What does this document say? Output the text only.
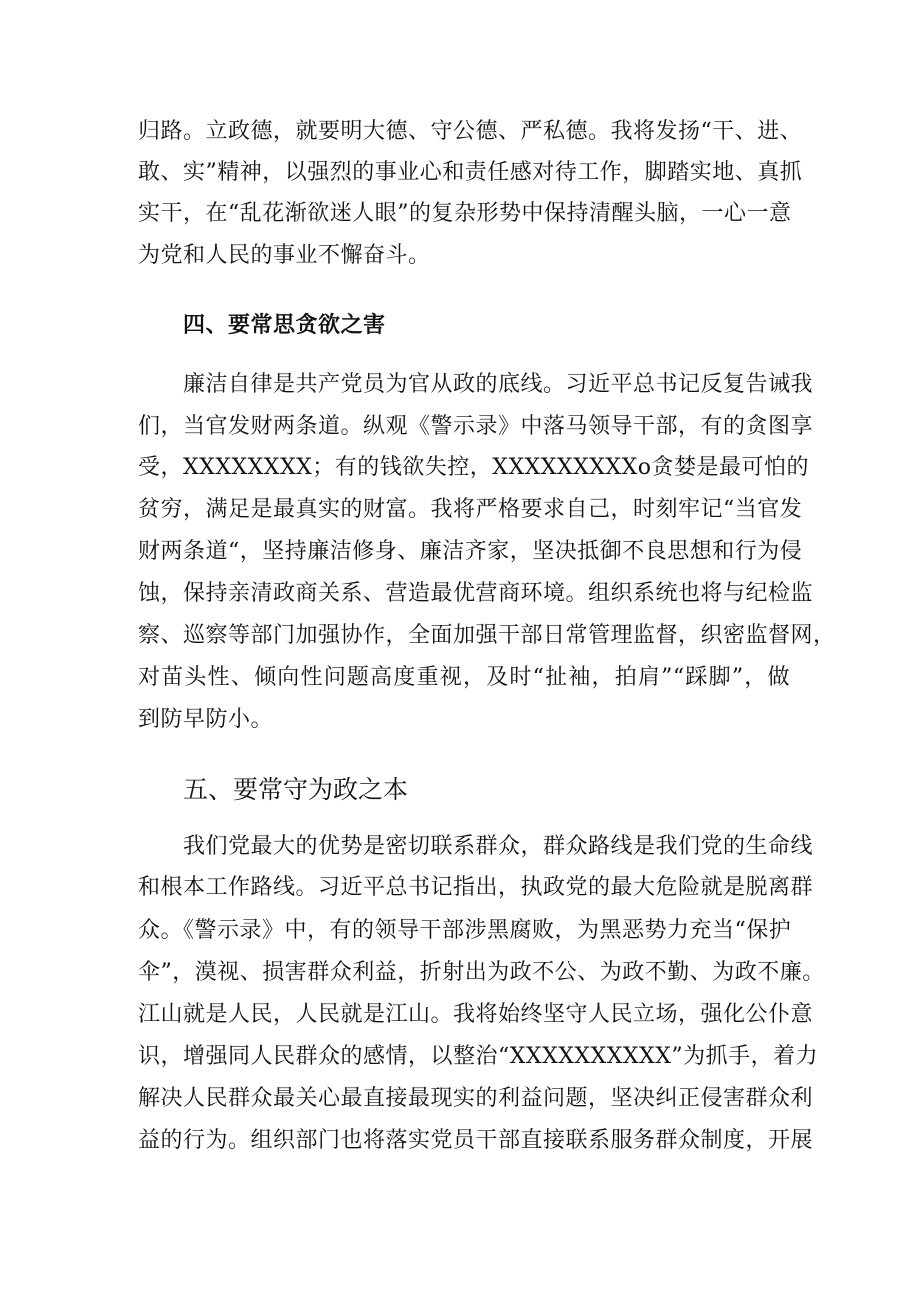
归路。立政德，就要明大德、守公德、严私德。我将发扬“干、进、
敢、实”精神，以强烈的事业心和责任感对待工作，脚踏实地、真抓
实干，在“乱花渐欲迷人眼”的复杂形势中保持清醒头脑，一心一意
为党和人民的事业不懈奋斗。
四、要常思贪欲之害
廉洁自律是共产党员为官从政的底线。习近平总书记反复告诫我
们，当官发财两条道。纵观《警示录》中落马领导干部，有的贪图享
受，XXXXXXXX；有的钱欲失控，XXXXXXXXXo贪婪是最可怕的
贫穷，满足是最真实的财富。我将严格要求自己，时刻牢记“当官发
财两条道“，坚持廉洁修身、廉洁齐家，坚决抵御不良思想和行为侵
蚀，保持亲清政商关系、营造最优营商环境。组织系统也将与纪检监
察、巡察等部门加强协作，全面加强干部日常管理监督，织密监督网，
对苗头性、倾向性问题高度重视，及时“扯袖，拍肩”“踩脚”，做
到防早防小。
五、要常守为政之本
我们党最大的优势是密切联系群众，群众路线是我们党的生命线
和根本工作路线。习近平总书记指出，执政党的最大危险就是脱离群
众。《警示录》中，有的领导干部涉黑腐败，为黑恶势力充当“保护
伞”，漠视、损害群众利益，折射出为政不公、为政不勤、为政不廉。
江山就是人民，人民就是江山。我将始终坚守人民立场，强化公仆意
识，增强同人民群众的感情，以整治“XXXXXXXXXX”为抓手，着力
解决人民群众最关心最直接最现实的利益问题，坚决纠正侵害群众利
益的行为。组织部门也将落实党员干部直接联系服务群众制度，开展
